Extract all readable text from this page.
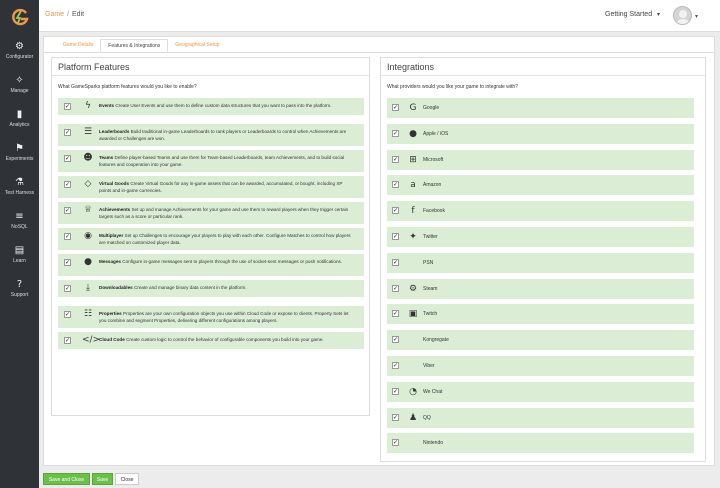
⚙
Configurator
✧
Manage
▮
Analytics
⚑
Experiments
⚗
Test Harness
≡
NoSQL
▤
Learn
?
Support
Game / Edit	Getting Started ▾	▾
Game Details	Features & Integrations	Geographical Setup
Platform Features
What GameSparks platform features would you like to enable?
✓	ϟ	Events Create User Events and use them to define custom data structures that you want to pass into the platform.
✓ ☰	Leaderboards Build traditional in-game Leaderboards to rank players or Leaderboards to control when Achievements are awarded or Challenges are won.
✓ ☻ Teams Define player-based Teams and use them for Team-based Leaderboards, team Achievements, and to build social features and cooperation into your game.
✓ ◇	Virtual Goods Create Virtual Goods for any in-game assets that can be awarded, accumulated, or bought, including XP points and in-game currencies.
✓ ♕	Achievements Set up and manage Achievements for your game and use them to reward players when they trigger certain targets such as a score or particular rank.
✓ ◉	Multiplayer Set up Challenges to encourage your players to play with each other. Configure Matches to control how players are matched on customized player data.
✓ ●	Messages Configure in-game messages sent to players through the use of socket-sent messages or push notifications.
✓	⤓	Downloadables Create and manage binary data content in the platform.
✓ ☷	Properties Properties are your own configuration objects you use within Cloud Code or expose to clients. Property Sets let you combine and segment Properties, delivering different configurations among players.
✓ </>
Cloud Code Create custom logic to control the behavior of configurable components you build into your game.
Integrations
What providers would you like your game to integrate with?
✓ G	Google
✓ ●	Apple / iOS
✓ ⊞	Microsoft
✓	a	Amazon
✓	f	Facebook
✓ ✦	Twitter
✓	PSN
✓ ⚙	Steam
✓ ▣	Twitch
✓	Kongregate
✓	Viber
✓ ◔	We Chat
✓ ♟	QQ
✓	Nintendo
Save and Close	Save	Close
